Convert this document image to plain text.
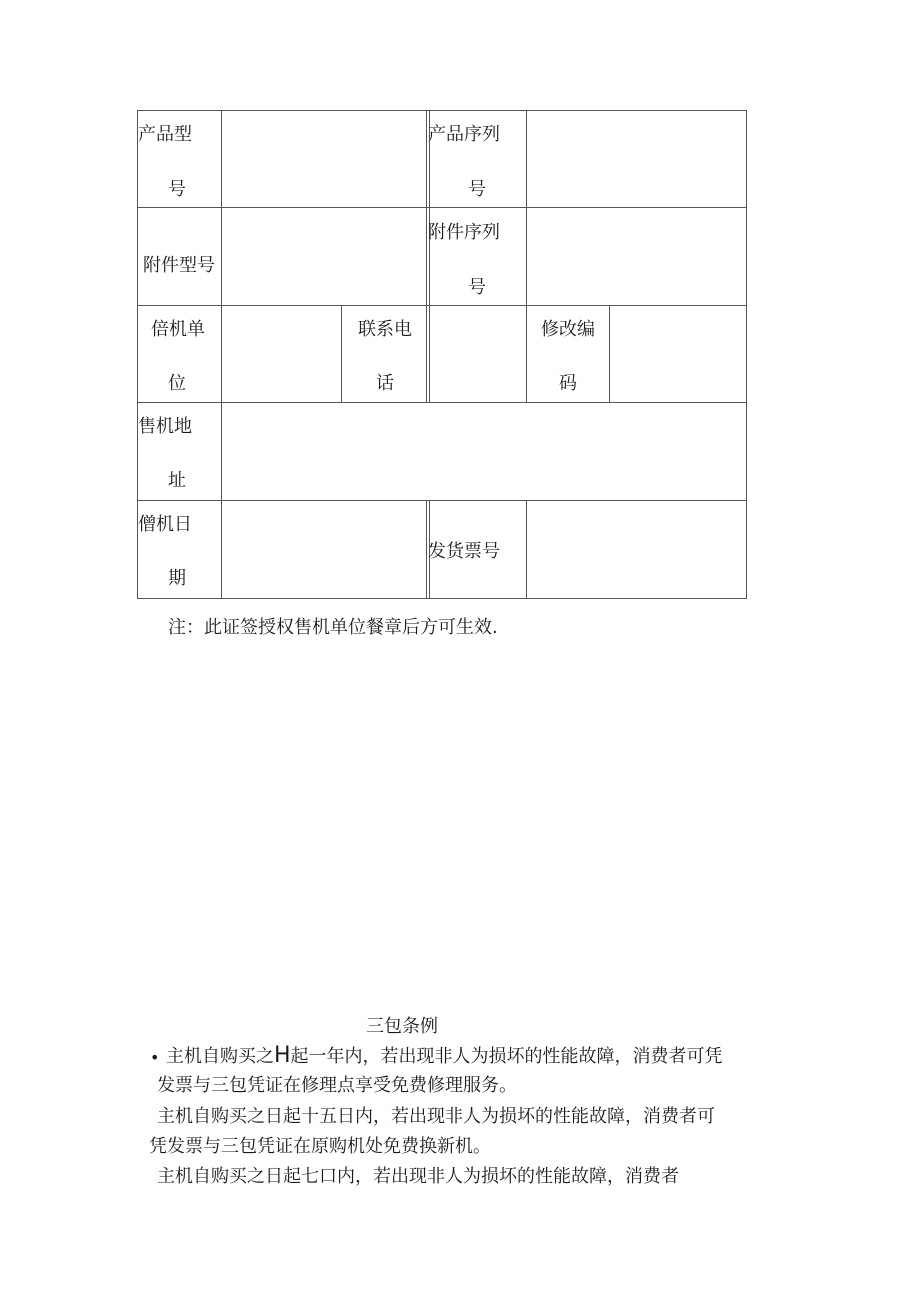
产品型
号
产品序列
号
附件型号
附件序列
号
倍机单
位
联系电
话
修改编
码
售机地
址
僧机日
期
发货票号
注：此证签授权售机单位餐章后方可生效.
三包条例
• 主机自购买之H起一年内，若出现非人为损坏的性能故障，消费者可凭
发票与三包凭证在修理点享受免费修理服务。
主机自购买之日起十五日内，若出现非人为损坏的性能故障，消费者可
凭发票与三包凭证在原购机处免费换新机。
主机自购买之日起七口内，若出现非人为损坏的性能故障，消费者
